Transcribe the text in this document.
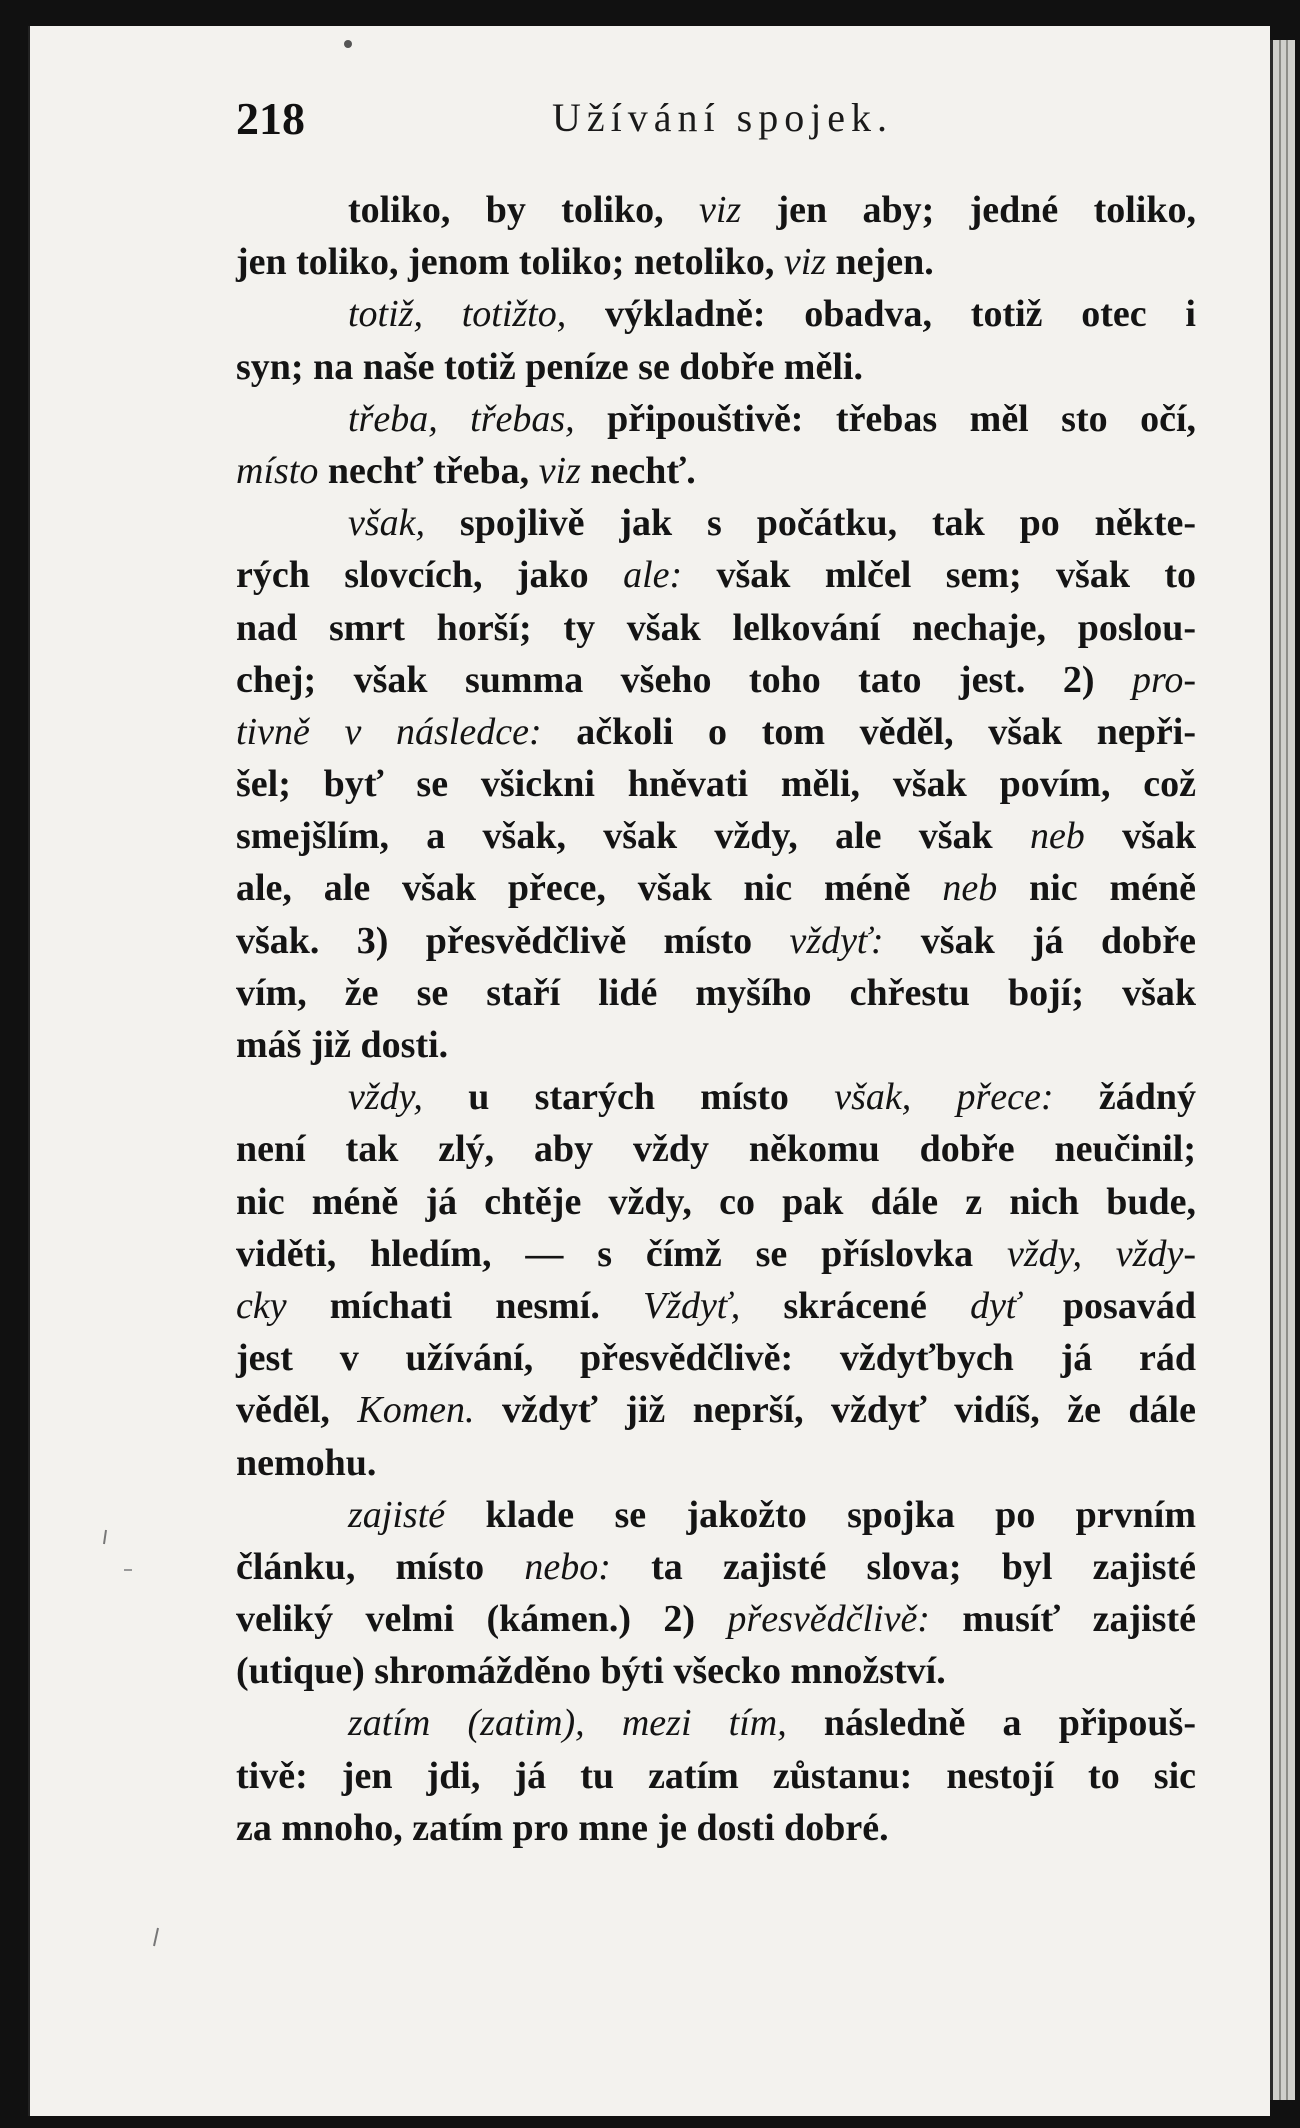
218	Užívání spojek.
toliko, by toliko, viz jen aby; jedné toliko,
jen toliko, jenom toliko; netoliko, viz nejen.
totiž, totižto, výkladně: obadva, totiž otec i
syn; na naše totiž peníze se dobře měli.
třeba, třebas, připouštivě: třebas měl sto očí,
místo nechť třeba, viz nechť.
však, spojlivě jak s počátku, tak po někte-
rých slovcích, jako ale: však mlčel sem; však to
nad smrt horší; ty však lelkování nechaje, poslou-
chej; však summa všeho toho tato jest. 2) pro-
tivně v následce: ačkoli o tom věděl, však nepři-
šel; byť se všickni hněvati měli, však povím, což
smejšlím, a však, však vždy, ale však neb však
ale, ale však přece, však nic méně neb nic méně
však. 3) přesvědčlivě místo vždyť: však já dobře
vím, že se staří lidé myšího chřestu bojí; však
máš již dosti.
vždy, u starých místo však, přece: žádný
není tak zlý, aby vždy někomu dobře neučinil;
nic méně já chtěje vždy, co pak dále z nich bude,
viděti, hledím, — s čímž se příslovka vždy, vždy-
cky míchati nesmí. Vždyť, skrácené dyť posavád
jest v užívání, přesvědčlivě: vždyťbych já rád
věděl, Komen. vždyť již neprší, vždyť vidíš, že dále
nemohu.
zajisté klade se jakožto spojka po prvním
článku, místo nebo: ta zajisté slova; byl zajisté
veliký velmi (kámen.) 2) přesvědčlivě: musíť zajisté
(utique) shromážděno býti všecko množství.
zatím (zatim), mezi tím, následně a připouš-
tivě: jen jdi, já tu zatím zůstanu: nestojí to sic
za mnoho, zatím pro mne je dosti dobré.
